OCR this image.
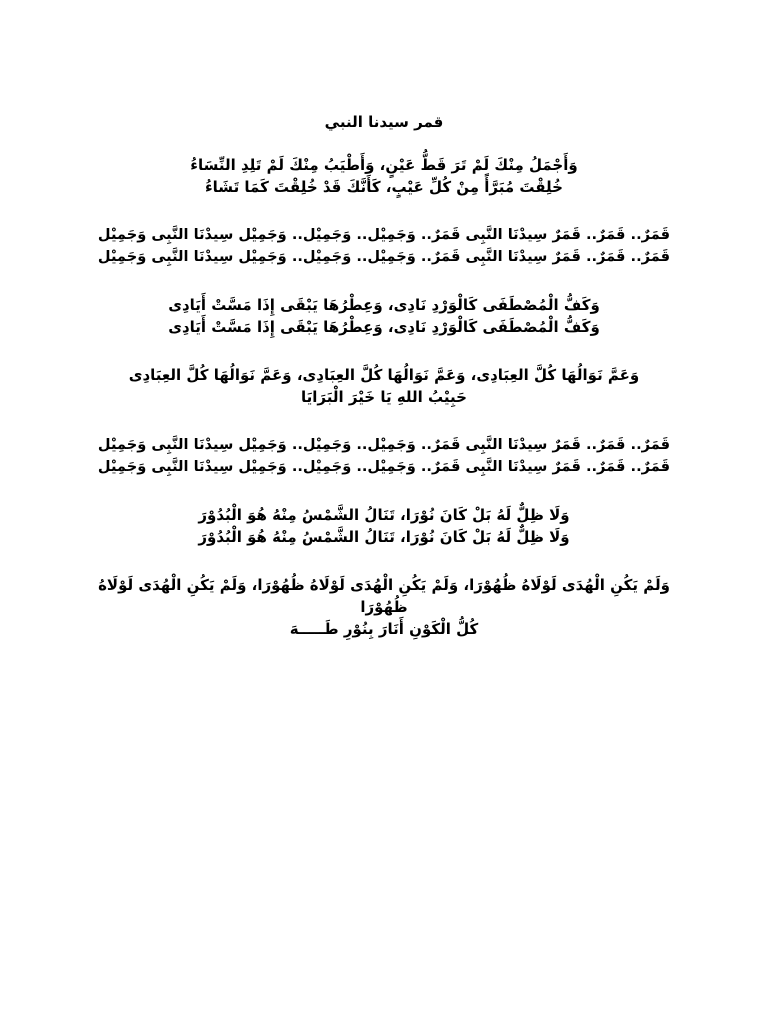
قمر سيدنا النبي
وَأَجْمَلُ مِنْكَ لَمْ تَرَ قَطُّ عَيْنٍ، وَأَطْيَبُ مِنْكَ لَمْ تَلِدِ النِّسَاءُ
خُلِقْتَ مُبَرَّأً مِنْ كُلِّ عَيْبٍ، كَأَنَّكَ قَدْ خُلِقْتَ كَمَا تَشَاءُ
قَمَرٌ.. قَمَرٌ.. قَمَرٌ سِيدْنَا النَّبِى قَمَرٌ.. وَجَمِيْل.. وَجَمِيْل.. وَجَمِيْل سِيدْنَا النَّبِى وَجَمِيْل
قَمَرٌ.. قَمَرٌ.. قَمَرٌ سِيدْنَا النَّبِى قَمَرٌ.. وَجَمِيْل.. وَجَمِيْل.. وَجَمِيْل سِيدْنَا النَّبِى وَجَمِيْل
وَكَفُّ الْمُصْطَفَى كَالْوَرْدِ نَادِى، وَعِطْرُهَا يَبْقَى إِذَا مَسَّتْ أَيَادِى
وَكَفُّ الْمُصْطَفَى كَالْوَرْدِ نَادِى، وَعِطْرُهَا يَبْقَى إِذَا مَسَّتْ أَيَادِى
وَعَمَّ نَوَالُهَا كُلَّ العِبَادِى، وَعَمَّ نَوَالُهَا كُلَّ العِبَادِى، وَعَمَّ نَوَالُهَا كُلَّ العِبَادِى
حَبِيْبُ اللهِ يَا خَيْرَ الْبَرَايَا
قَمَرٌ.. قَمَرٌ.. قَمَرٌ سِيدْنَا النَّبِى قَمَرٌ.. وَجَمِيْل.. وَجَمِيْل.. وَجَمِيْل سِيدْنَا النَّبِى وَجَمِيْل
قَمَرٌ.. قَمَرٌ.. قَمَرٌ سِيدْنَا النَّبِى قَمَرٌ.. وَجَمِيْل.. وَجَمِيْل.. وَجَمِيْل سِيدْنَا النَّبِى وَجَمِيْل
وَلَا ظِلٌّ لَهُ بَلْ كَانَ نُوْرَا، تَنَالُ الشَّمْسُ مِنْهُ هُوَ الْبُدُوْرَ
وَلَا ظِلٌّ لَهُ بَلْ كَانَ نُوْرَا، تَنَالُ الشَّمْسُ مِنْهُ هُوَ الْبُدُوْرَ
وَلَمْ يَكُنِ الْهُدَى لَوْلَاهُ ظُهُوْرَا، وَلَمْ يَكُنِ الْهُدَى لَوْلَاهُ ظُهُوْرَا، وَلَمْ يَكُنِ الْهُدَى لَوْلَاهُ ظُهُوْرَا
كُلُّ الْكَوْنِ أَنَارَ بِنُوْرِ طَـــــهَ
